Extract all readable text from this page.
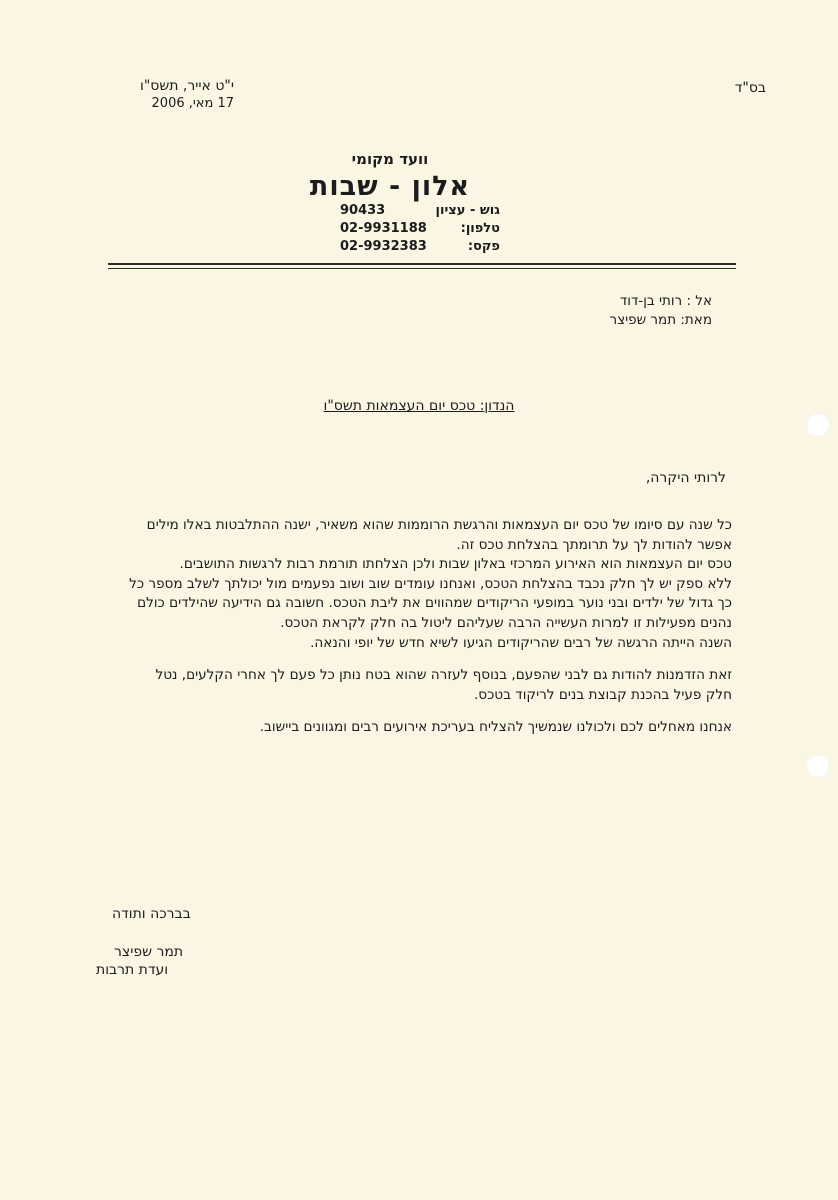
בס"ד
י"ט אייר, תשס"ו
17 מאי, 2006
וועד מקומי
אלון - שבות
גוש - עציון
90433
טלפון:
02-9931188
פקס:
02-9932383
אל : רותי בן-דוד
מאת: תמר שפיצר
הנדון: טכס יום העצמאות תשס"ו
לרותי היקרה,

כל שנה עם סיומו של טכס יום העצמאות והרגשת הרוממות שהוא משאיר, ישנה ההתלבטות באלו מילים אפשר להודות לך על תרומתך בהצלחת טכס זה.

טכס יום העצמאות הוא האירוע המרכזי באלון שבות ולכן הצלחתו תורמת רבות לרגשות התושבים.

ללא ספק יש לך חלק נכבד בהצלחת הטכס, ואנחנו עומדים שוב ושוב נפעמים מול יכולתך לשלב מספר כל כך גדול של ילדים ובני נוער במופעי הריקודים שמהווים את ליבת הטכס. חשובה גם הידיעה שהילדים כולם נהנים מפעילות זו למרות העשייה הרבה שעליהם ליטול בה חלק לקראת הטכס.

השנה הייתה הרגשה של רבים שהריקודים הגיעו לשיא חדש של יופי והנאה.

זאת הזדמנות להודות גם לבני שהפעם, בנוסף לעזרה שהוא בטח נותן כל פעם לך אחרי הקלעים, נטל חלק פעיל בהכנת קבוצת בנים לריקוד בטכס.

אנחנו מאחלים לכם ולכולנו שנמשיך להצליח בעריכת אירועים רבים ומגוונים ביישוב.

בברכה ותודה
תמר שפיצר
ועדת תרבות
